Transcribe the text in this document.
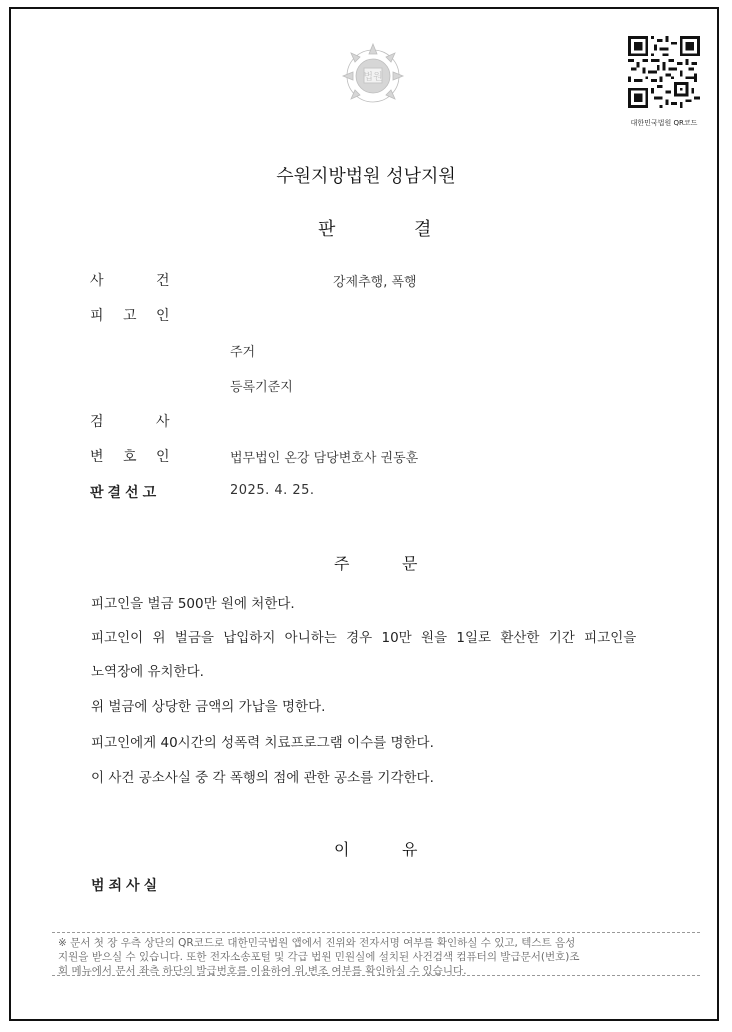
법원
대한민국법원 QR코드
수원지방법원 성남지원
판	결
사	건	강제추행, 폭행
피 고 인
주거
등록기준지
검	사
변 호 인	법무법인 온강 담당변호사 권동훈
판결선고	2025. 4. 25.
주	문
피고인을 벌금 500만 원에 처한다.
피고인이 위 벌금을 납입하지 아니하는 경우 10만 원을 1일로 환산한 기간 피고인을
노역장에 유치한다.
위 벌금에 상당한 금액의 가납을 명한다.
피고인에게 40시간의 성폭력 치료프로그램 이수를 명한다.
이 사건 공소사실 중 각 폭행의 점에 관한 공소를 기각한다.
이	유
범죄사실
※ 문서 첫 장 우측 상단의 QR코드로 대한민국법원 앱에서 진위와 전자서명 여부를 확인하실 수 있고, 텍스트 음성
지원을 받으실 수 있습니다. 또한 전자소송포털 및 각급 법원 민원실에 설치된 사건검색 컴퓨터의 발급문서(번호)조
회 메뉴에서 문서 좌측 하단의 발급번호를 이용하여 위,변조 여부를 확인하실 수 있습니다.
